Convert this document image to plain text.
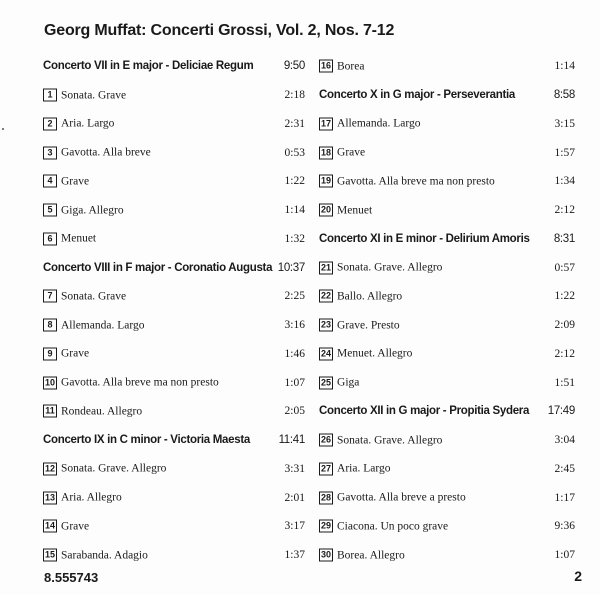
Georg Muffat: Concerti Grossi, Vol. 2, Nos. 7-12
Concerto VII in E major - Deliciae Regum	9:50
1 Sonata. Grave	2:18
2 Aria. Largo	2:31
3 Gavotta. Alla breve	0:53
4 Grave	1:22
5 Giga. Allegro	1:14
6 Menuet	1:32
Concerto VIII in F major - Coronatio Augusta 10:37
7 Sonata. Grave	2:25
8 Allemanda. Largo	3:16
9 Grave	1:46
10 Gavotta. Alla breve ma non presto	1:07
11 Rondeau. Allegro	2:05
Concerto IX in C minor - Victoria Maesta 11:41
12 Sonata. Grave. Allegro	3:31
13 Aria. Allegro	2:01
14 Grave	3:17
15 Sarabanda. Adagio	1:37
16 Borea	1:14
Concerto X in G major - Perseverantia	8:58
17 Allemanda. Largo	3:15
18 Grave	1:57
19 Gavotta. Alla breve ma non presto	1:34
20 Menuet	2:12
Concerto XI in E minor - Delirium Amoris 8:31
21 Sonata. Grave. Allegro	0:57
22 Ballo. Allegro	1:22
23 Grave. Presto	2:09
24 Menuet. Allegro	2:12
25 Giga	1:51
Concerto XII in G major - Propitia Sydera 17:49
26 Sonata. Grave. Allegro	3:04
27 Aria. Largo	2:45
28 Gavotta. Alla breve a presto	1:17
29 Ciacona. Un poco grave	9:36
30 Borea. Allegro	1:07
8.555743	2
